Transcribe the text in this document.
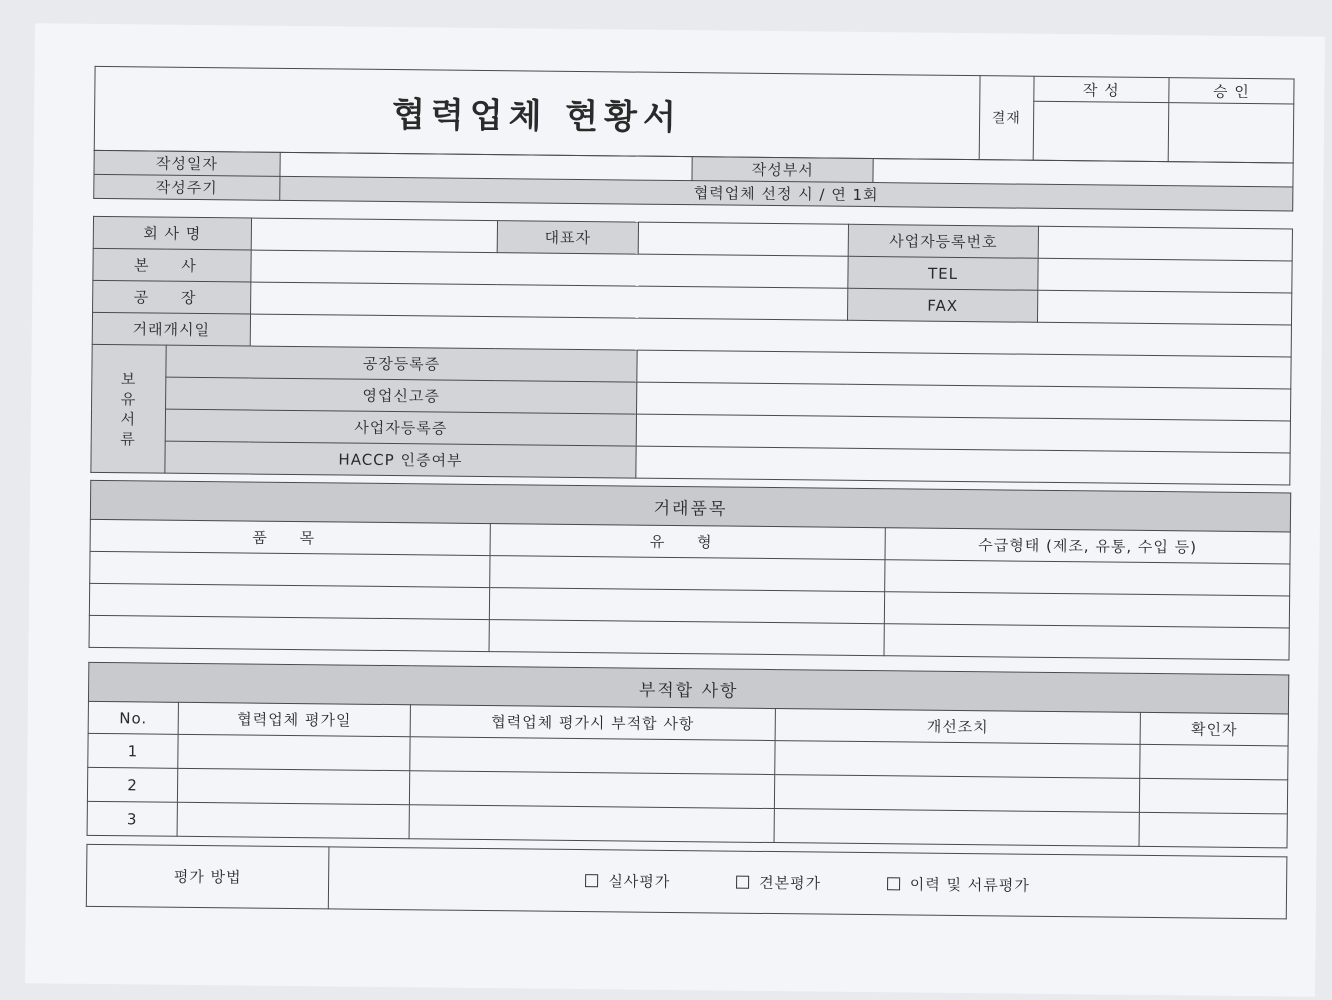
협력업체 현황서	결재	작 성	승 인

작성일자		작성부서	
작성주기	협력업체 선정 시 / 연 1회		
회 사 명			대표자		사업자등록번호	
본 사					TEL	
공 장					FAX	
거래개시일						

보유서류	공장등록증					
	영업신고증					
	사업자등록증					
	HACCP 인증여부					
거래품목		
품 목	유 형	수급형태 (제조, 유통, 수입 등)

부적합 사항				
No.	협력업체 평가일	협력업체 평가시 부적합 사항	개선조치	확인자
1				
2				
3				
평가 방법	실사평가	견본평가	이력 및 서류평가
